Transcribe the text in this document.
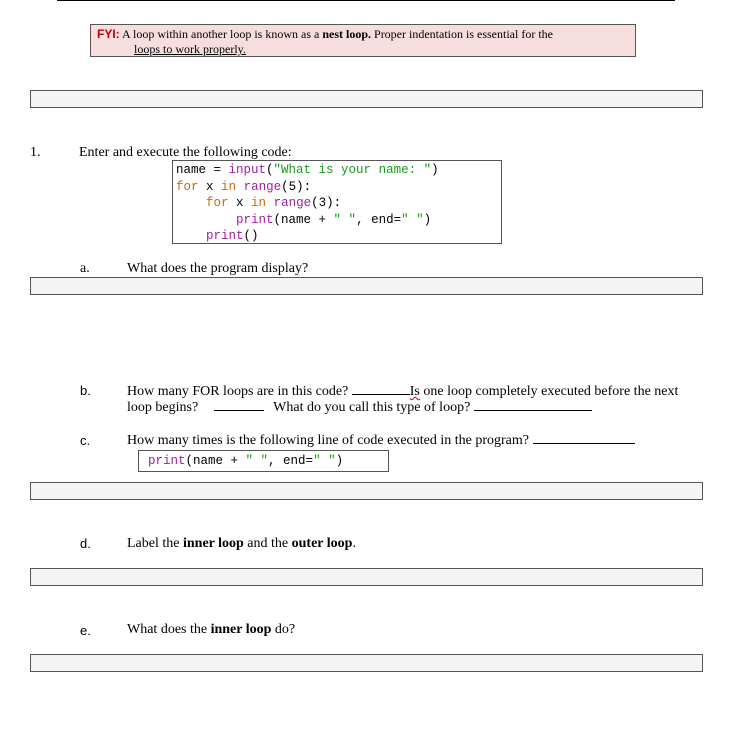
FYI: A loop within another loop is known as a nest loop. Proper indentation is essential for the
loops to work properly.
1.	Enter and execute the following code:
name = input("What is your name: ")
for x in range(5):
for x in range(3):
print(name + " ", end=" ")
print()
a.	What does the program display?
b.	How many FOR loops are in this code?	Is one loop completely executed before the next
loop begins?	What do you call this type of loop?
c.	How many times is the following line of code executed in the program?
print(name + " ", end=" ")
d.	Label the inner loop and the outer loop.
e.	What does the inner loop do?
